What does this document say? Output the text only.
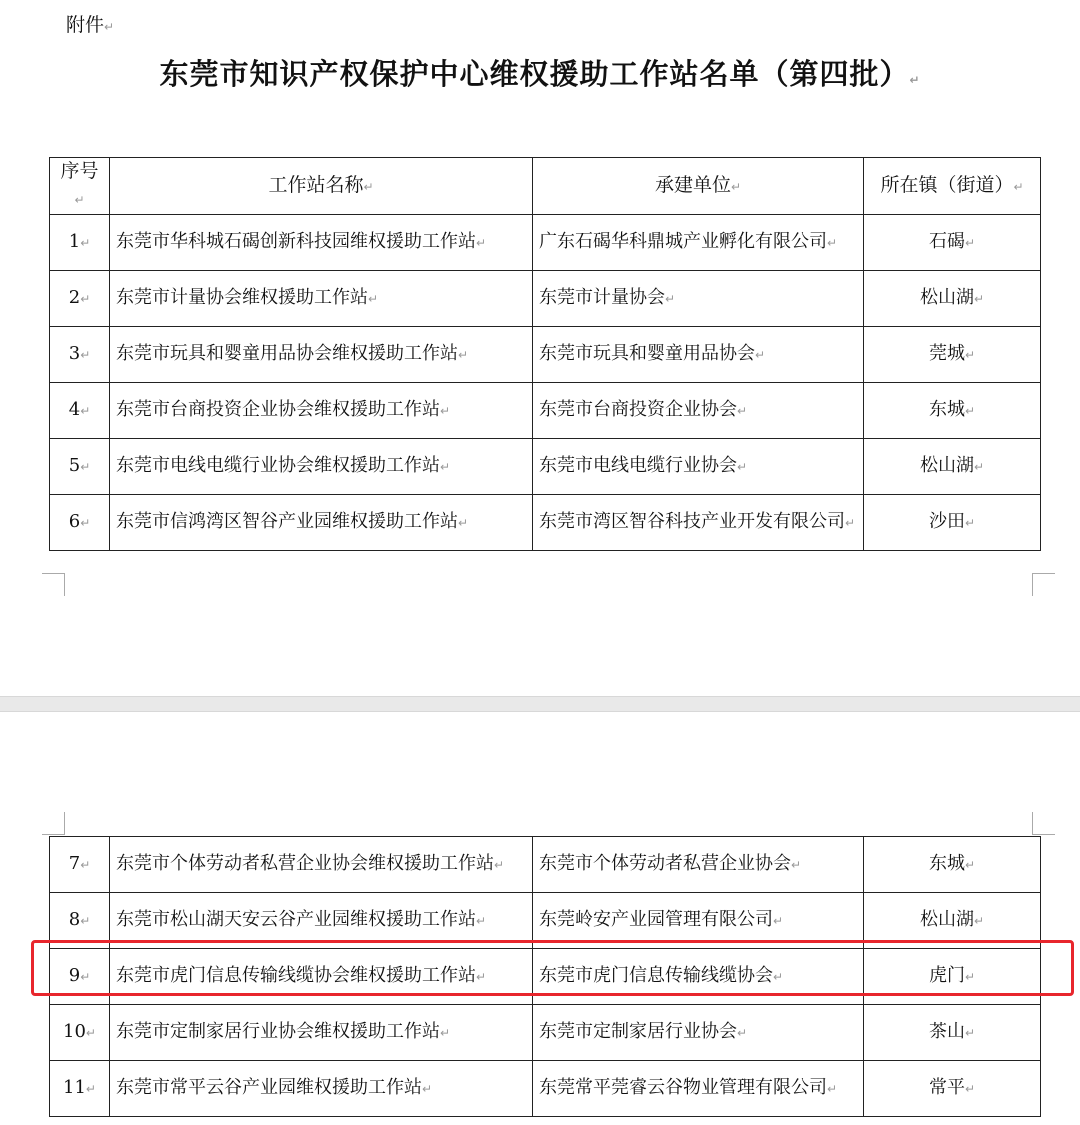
附件↵
东莞市知识产权保护中心维权援助工作站名单（第四批）↵
序号↵	工作站名称↵	承建单位↵	所在镇（街道）↵
1↵	东莞市华科城石碣创新科技园维权援助工作站↵	广东石碣华科鼎城产业孵化有限公司↵	石碣↵
2↵	东莞市计量协会维权援助工作站↵	东莞市计量协会↵	松山湖↵
3↵	东莞市玩具和婴童用品协会维权援助工作站↵	东莞市玩具和婴童用品协会↵	莞城↵
4↵	东莞市台商投资企业协会维权援助工作站↵	东莞市台商投资企业协会↵	东城↵
5↵	东莞市电线电缆行业协会维权援助工作站↵	东莞市电线电缆行业协会↵	松山湖↵
6↵	东莞市信鸿湾区智谷产业园维权援助工作站↵	东莞市湾区智谷科技产业开发有限公司↵	沙田↵
7↵	东莞市个体劳动者私营企业协会维权援助工作站↵	东莞市个体劳动者私营企业协会↵	东城↵
8↵	东莞市松山湖天安云谷产业园维权援助工作站↵	东莞岭安产业园管理有限公司↵	松山湖↵
9↵	东莞市虎门信息传输线缆协会维权援助工作站↵	东莞市虎门信息传输线缆协会↵	虎门↵
10↵	东莞市定制家居行业协会维权援助工作站↵	东莞市定制家居行业协会↵	茶山↵
11↵	东莞市常平云谷产业园维权援助工作站↵	东莞常平莞睿云谷物业管理有限公司↵	常平↵
